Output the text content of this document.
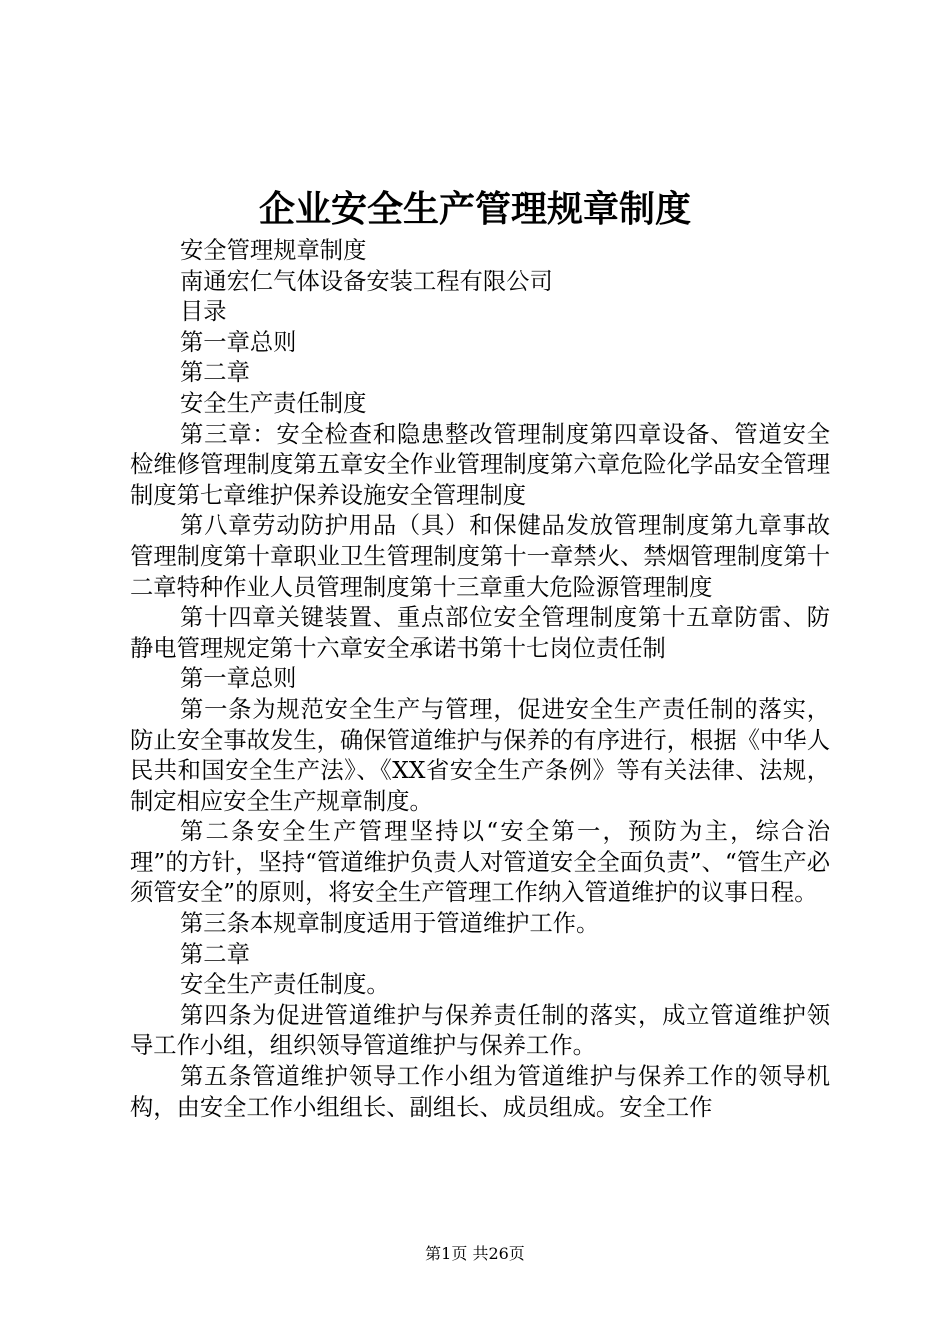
企业安全生产管理规章制度

安全管理规章制度

南通宏仁气体设备安装工程有限公司

目录

第一章总则

第二章

安全生产责任制度

第三章：安全检查和隐患整改管理制度第四章设备、管道安全检维修管理制度第五章安全作业管理制度第六章危险化学品安全管理制度第七章维护保养设施安全管理制度

第八章劳动防护用品（具）和保健品发放管理制度第九章事故管理制度第十章职业卫生管理制度第十一章禁火、禁烟管理制度第十二章特种作业人员管理制度第十三章重大危险源管理制度

第十四章关键装置、重点部位安全管理制度第十五章防雷、防静电管理规定第十六章安全承诺书第十七岗位责任制

第一章总则

第一条为规范安全生产与管理，促进安全生产责任制的落实，防止安全事故发生，确保管道维护与保养的有序进行，根据《中华人民共和国安全生产法》、《XX省安全生产条例》等有关法律、法规，制定相应安全生产规章制度。

第二条安全生产管理坚持以“安全第一，预防为主，综合治理”的方针，坚持“管道维护负责人对管道安全全面负责”、“管生产必须管安全”的原则，将安全生产管理工作纳入管道维护的议事日程。

第三条本规章制度适用于管道维护工作。

第二章

安全生产责任制度。

第四条为促进管道维护与保养责任制的落实，成立管道维护领导工作小组，组织领导管道维护与保养工作。

第五条管道维护领导工作小组为管道维护与保养工作的领导机构，由安全工作小组组长、副组长、成员组成。安全工作

第1页 共26页
